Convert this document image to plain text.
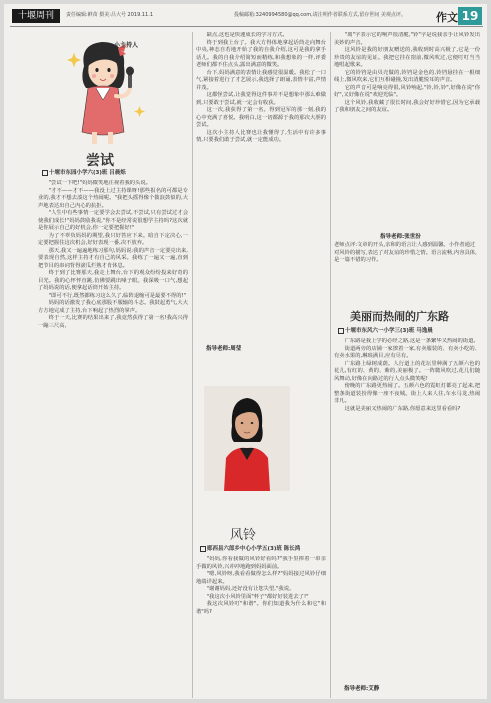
十堰周刊	责任编辑:鲜苗 摄美:吕大号 2019.11.1	投稿邮箱:3240994580@qq.com,请注明作者联系方式,留存世间 美观点评。	作文 19
小主持人
尝试
十堰市东园小学六(3)班 吕晨烁

"尝试一下吧!"妈妈微笑地注视着我的头说。

"才不——才不——我没上过主持课呀!那些报名的可都是专业的,我才不想去凑这个热闹呢。"我把头摇得像个拨浪鼓似的,大声地表达出自己内心的抗拒。

"人生中有些事情一定要学会去尝试,不尝试,只有尝试过才会使我们成长!"妈妈鼓励我说,"你不是经常说很想学主持吗?这次就是你展示自己的好机会,你一定要把握好!"

为了不辜负妈妈的期望,我只好答应下来。暗自下定决心,一定要把握住这次机会,好好表现一番,决不放弃。

那天,我又一遍遍地练习那句,妈妈说:我的声音一定要亮出来,要表现自然,这样主持才有自己的风采。我练了一遍又一遍,直到把节目的串词背得滚瓜烂熟才肯休息。

终于到了比赛那天,我走上舞台,台下的观众纷纷投来好奇的目光。我的心怦怦直跳,仿佛要跳出嗓子眼。我深吸一口气,想起了妈妈说的话,便拿起话筒开始主持。

"即可不行,既然都练习这么久了,临阵退缩可是最要不得的!"

妈妈的话激发了我心底那股不服输的斗志。我鼓起勇气,大大方方地完成了主持,台下响起了热烈的掌声。

终于一天,比赛的结果出来了,我竟然获得了第一名!我高兴得一蹦三尺高,

缺点,这也是快速成长的学习方式。

终于到我上台了。我大方得体地拿起话筒走向舞台中央,神态自若地开始了我的自我介绍,这可是我的拿手话儿。我的自我介绍简短而精练,和我想象的一样,评委老师们都不住点头,露出满意的微笑。

台下,妈妈满意的表情让我感觉很温暖。我松了一口气,紧接着进行了才艺展示,我选择了朗诵,表情丰富,声情并茂。

这都怪尝试,让我觉得这件事并不是想象中那么难做到,只要敢于尝试,就一定会有收获。

这一次,我获得了第一名。得到冠军的那一刻,我的心中充满了喜悦。我明白,这一切都源于我的那次大胆的尝试。

这次小主持人比赛也让我懂得了,生活中有许多事情,只要我们敢于尝试,就一定能成功。

指导老师:周莹
风铃
郧西县六郎乡中心小学五(3)班 陈长鸿

"妈妈,你看我做的风铃好看吗?"我手里捧着一串亲手做的风铃,兴冲冲地跑到妈妈面前。

"嗯,风铃呀,我看看做得怎么样?"妈妈接过风铃仔细地端详起来。

"谢谢妈妈,还好没有让您失望,"我说。

"我这次小风铃里面"杯子"都好好装进去了!"

我这次风铃叮"和谐"。你们知道我为什么和它"和谐"吗?

"离"字表示它的响声很清脆,"铃"字是说我亲手让风铃发出美妙的声音。

这风铃是我的好朋友赠送的,我收到时高兴极了,它是一份珍贵的友谊的见证。我把它挂在窗前,微风吹过,它便叮叮当当地唱起歌来。

它的铃铛是由贝壳做的,铃铛是金色的,铃铛悬挂在一根细线上,微风吹来,它们互相碰撞,发出清脆悦耳的声音。

它的声音可是响亮得很,风铃响起,"铃,铃,铃",好像在说"你好",又好像在说"欢迎光临"。

这个风铃,我收藏了很长时间,我会好好珍惜它,因为它承载了我和朋友之间的友谊。

指导老师:张世汾
老师点评:文章的开头,亲和的语言让人感到温馨。小作者通过对风铃的描写,表达了对友谊的珍惜之情。语言流畅,内容具体,是一篇不错的习作。
美丽而热闹的广东路
十堰市东风六一小学三(3)班 马逸晨

广东路是我上学的必经之路,这是一条繁华又热闹的街道。

街道两旁的店铺一家挨着一家,有卖服装的、有卖小吃的、有卖水果的,琳琅满目,应有尽有。

广东路上绿树成荫。人行道上的花坛里种满了五颜六色的花儿,有红的、黄的、紫的,美丽极了。一阵微风吹过,花儿们随风舞动,好像在向路过的行人点头微笑呢!

傍晚的广东路更热闹了。五颜六色的霓虹灯都亮了起来,把整条街道装扮得像一座不夜城。街上人来人往,车水马龙,热闹非凡。

这就是美丽又热闹的广东路,你愿意来这里看看吗?

指导老师:艾静
